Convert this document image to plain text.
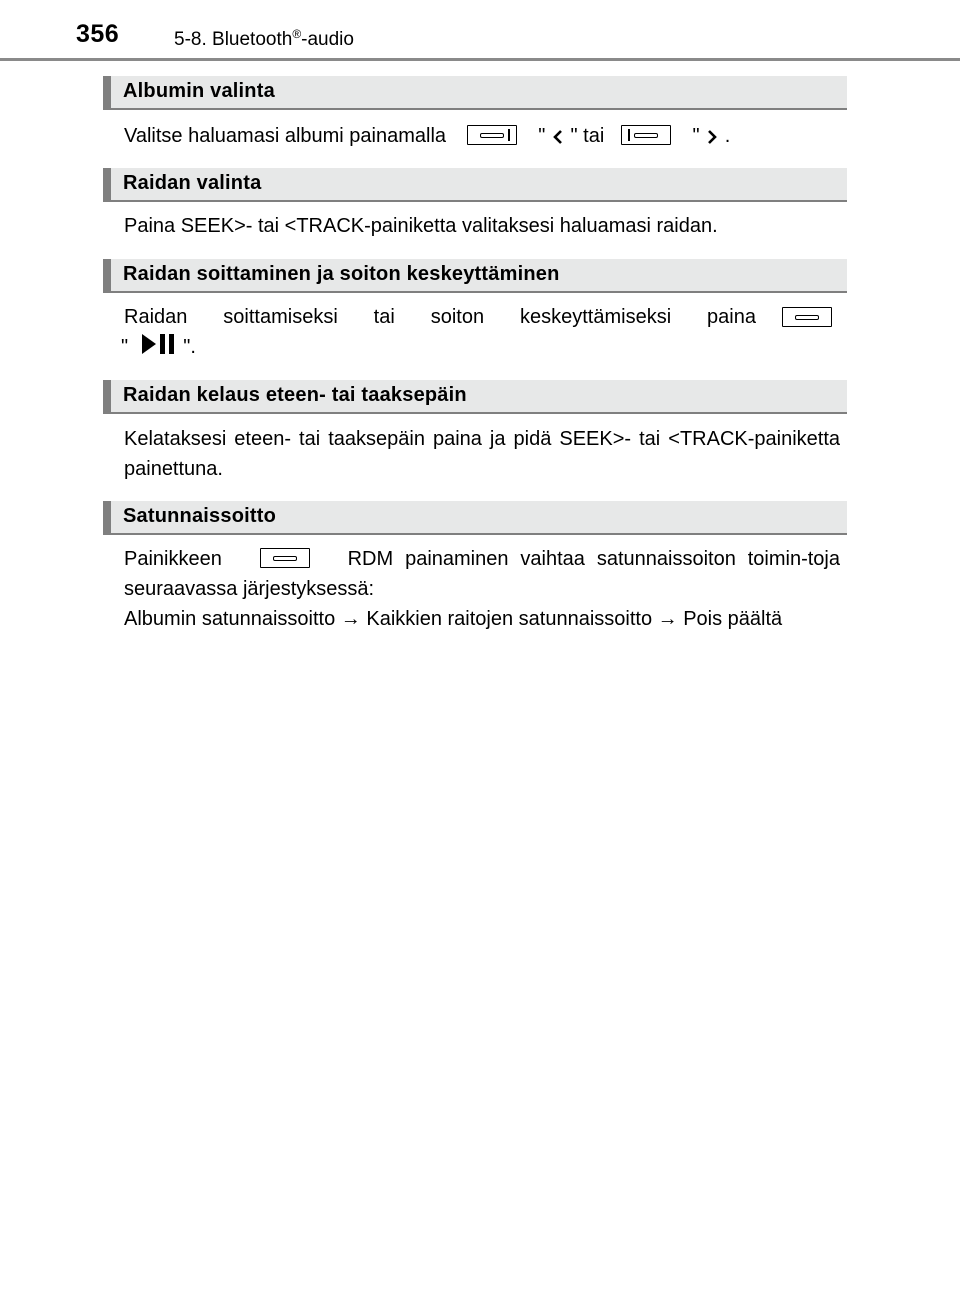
356	5-8. Bluetooth®-audio
Albumin valinta
Valitse haluamasi albumi painamalla	" " tai	" .
Raidan valinta
Paina SEEK>- tai <TRACK-painiketta valitaksesi haluamasi raidan.
Raidan soittaminen ja soiton keskeyttäminen
Raidan soittamiseksi tai soiton keskeyttämiseksi paina
"	".
Raidan kelaus eteen- tai taaksepäin
Kelataksesi eteen- tai taaksepäin paina ja pidä SEEK>- tai <TRACK-painiketta painettuna.
Satunnaissoitto
Painikkeen	RDM painaminen vaihtaa satunnaissoiton toimin-toja seuraavassa järjestyksessä:
Albumin satunnaissoitto → Kaikkien raitojen satunnaissoitto → Pois päältä
